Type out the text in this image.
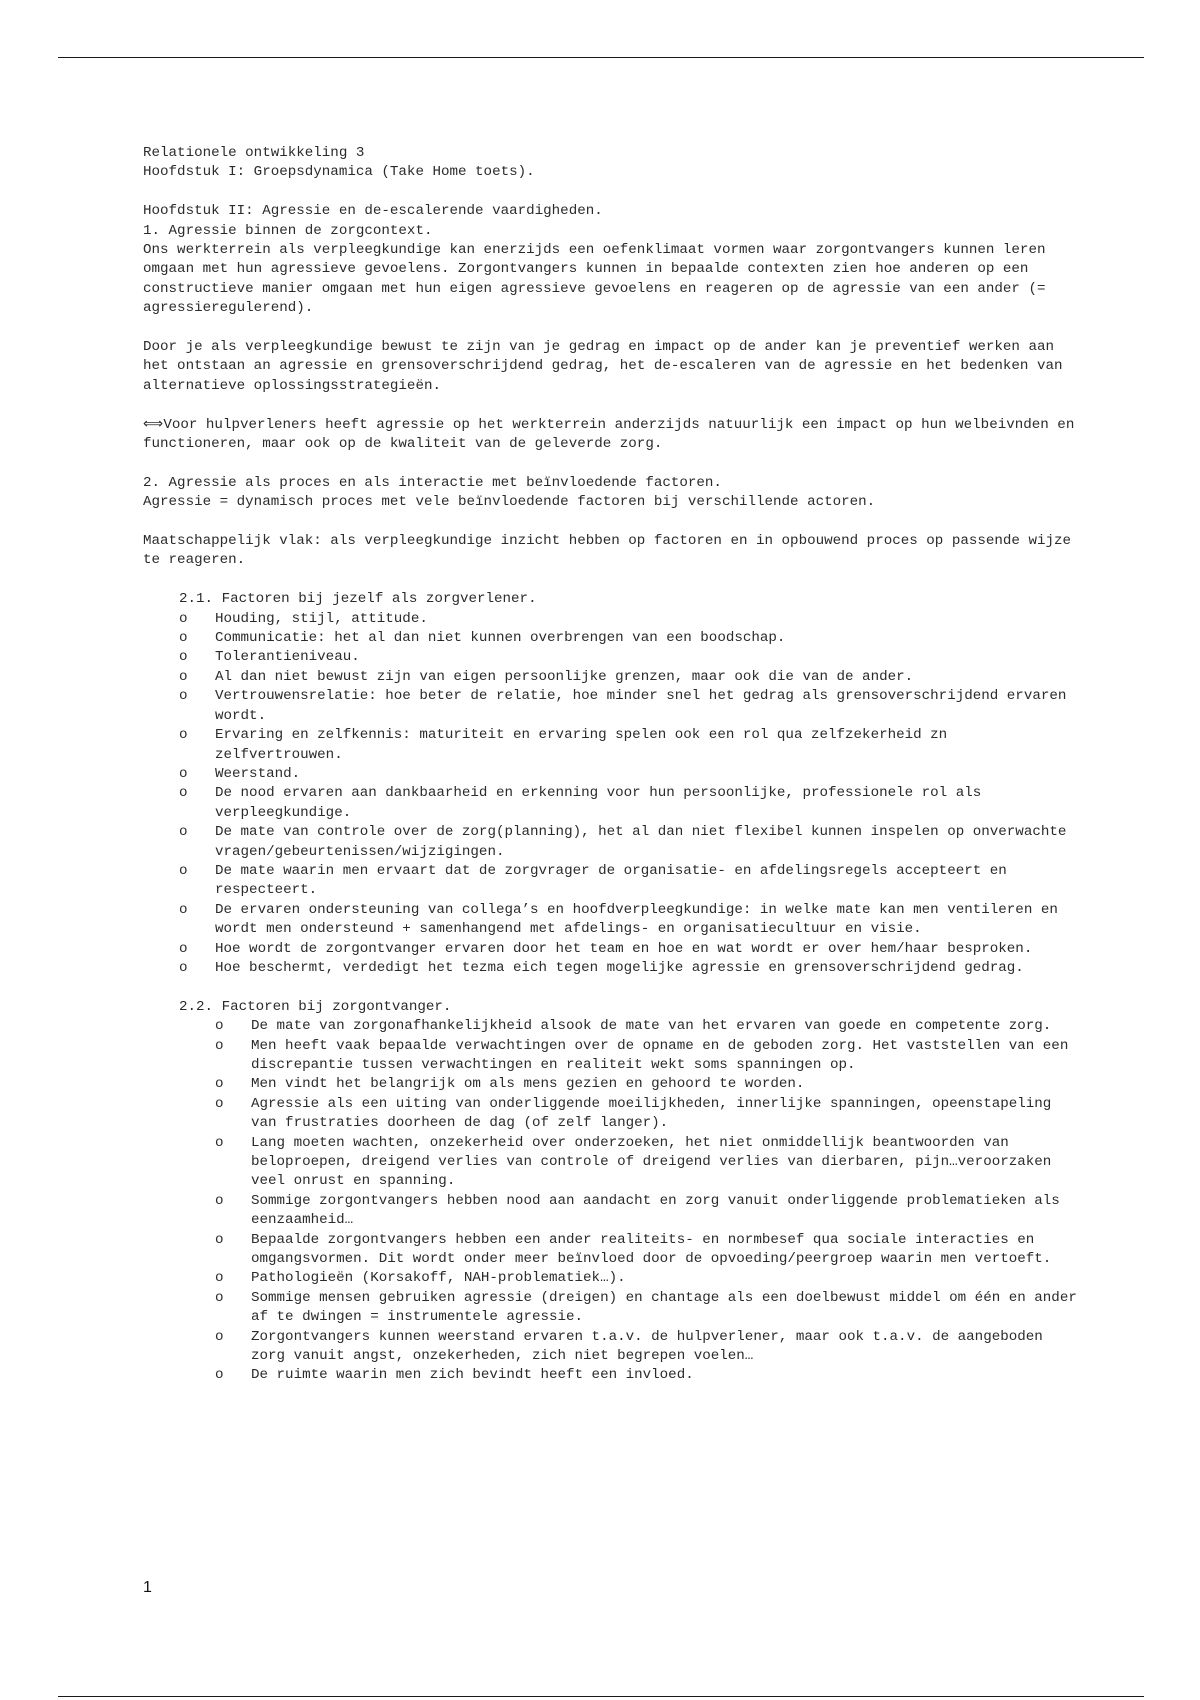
Relationele ontwikkeling 3

Hoofdstuk I: Groepsdynamica (Take Home toets).

Hoofdstuk II: Agressie en de-escalerende vaardigheden.

1. Agressie binnen de zorgcontext.

Ons werkterrein als verpleegkundige kan enerzijds een oefenklimaat vormen waar zorgontvangers kunnen leren omgaan met hun agressieve gevoelens. Zorgontvangers kunnen in bepaalde contexten zien hoe anderen op een constructieve manier omgaan met hun eigen agressieve gevoelens en reageren op de agressie van een ander (= agressieregulerend).

Door je als verpleegkundige bewust te zijn van je gedrag en impact op de ander kan je preventief werken aan het ontstaan an agressie en grensoverschrijdend gedrag, het de-escaleren van de agressie en het bedenken van alternatieve oplossingsstrategieën.

⟺Voor hulpverleners heeft agressie op het werkterrein anderzijds natuurlijk een impact op hun welbeivnden en functioneren, maar ook op de kwaliteit van de geleverde zorg.

2. Agressie als proces en als interactie met beïnvloedende factoren.

Agressie = dynamisch proces met vele beïnvloedende factoren bij verschillende actoren.

Maatschappelijk vlak: als verpleegkundige inzicht hebben op factoren en in opbouwend proces op passende wijze te reageren.

2.1. Factoren bij jezelf als zorgverlener.

o	Houding, stijl, attitude.
o	Communicatie: het al dan niet kunnen overbrengen van een boodschap.
o	Tolerantieniveau.
o	Al dan niet bewust zijn van eigen persoonlijke grenzen, maar ook die van de ander.
o	Vertrouwensrelatie: hoe beter de relatie, hoe minder snel het gedrag als grensoverschrijdend ervaren wordt.
o	Ervaring en zelfkennis: maturiteit en ervaring spelen ook een rol qua zelfzekerheid zn zelfvertrouwen.
o	Weerstand.
o	De nood ervaren aan dankbaarheid en erkenning voor hun persoonlijke, professionele rol als verpleegkundige.
o	De mate van controle over de zorg(planning), het al dan niet flexibel kunnen inspelen op onverwachte vragen/gebeurtenissen/wijzigingen.
o	De mate waarin men ervaart dat de zorgvrager de organisatie- en afdelingsregels accepteert en respecteert.
o	De ervaren ondersteuning van collega’s en hoofdverpleegkundige: in welke mate kan men ventileren en wordt men ondersteund + samenhangend met afdelings- en organisatiecultuur en visie.
o	Hoe wordt de zorgontvanger ervaren door het team en hoe en wat wordt er over hem/haar besproken.
o	Hoe beschermt, verdedigt het tezma eich tegen mogelijke agressie en grensoverschrijdend gedrag.

2.2. Factoren bij zorgontvanger.

o	De mate van zorgonafhankelijkheid alsook de mate van het ervaren van goede en competente zorg.
o	Men heeft vaak bepaalde verwachtingen over de opname en de geboden zorg. Het vaststellen van een discrepantie tussen verwachtingen en realiteit wekt soms spanningen op.
o	Men vindt het belangrijk om als mens gezien en gehoord te worden.
o	Agressie als een uiting van onderliggende moeilijkheden, innerlijke spanningen, opeenstapeling van frustraties doorheen de dag (of zelf langer).
o	Lang moeten wachten, onzekerheid over onderzoeken, het niet onmiddellijk beantwoorden van beloproepen, dreigend verlies van controle of dreigend verlies van dierbaren, pijn…veroorzaken veel onrust en spanning.
o	Sommige zorgontvangers hebben nood aan aandacht en zorg vanuit onderliggende problematieken als eenzaamheid…
o	Bepaalde zorgontvangers hebben een ander realiteits- en normbesef qua sociale interacties en omgangsvormen. Dit wordt onder meer beïnvloed door de opvoeding/peergroep waarin men vertoeft.
o	Pathologieën (Korsakoff, NAH-problematiek…).
o	Sommige mensen gebruiken agressie (dreigen) en chantage als een doelbewust middel om één en ander af te dwingen = instrumentele agressie.
o	Zorgontvangers kunnen weerstand ervaren t.a.v. de hulpverlener, maar ook t.a.v. de aangeboden zorg vanuit angst, onzekerheden, zich niet begrepen voelen…
o	De ruimte waarin men zich bevindt heeft een invloed.
1
